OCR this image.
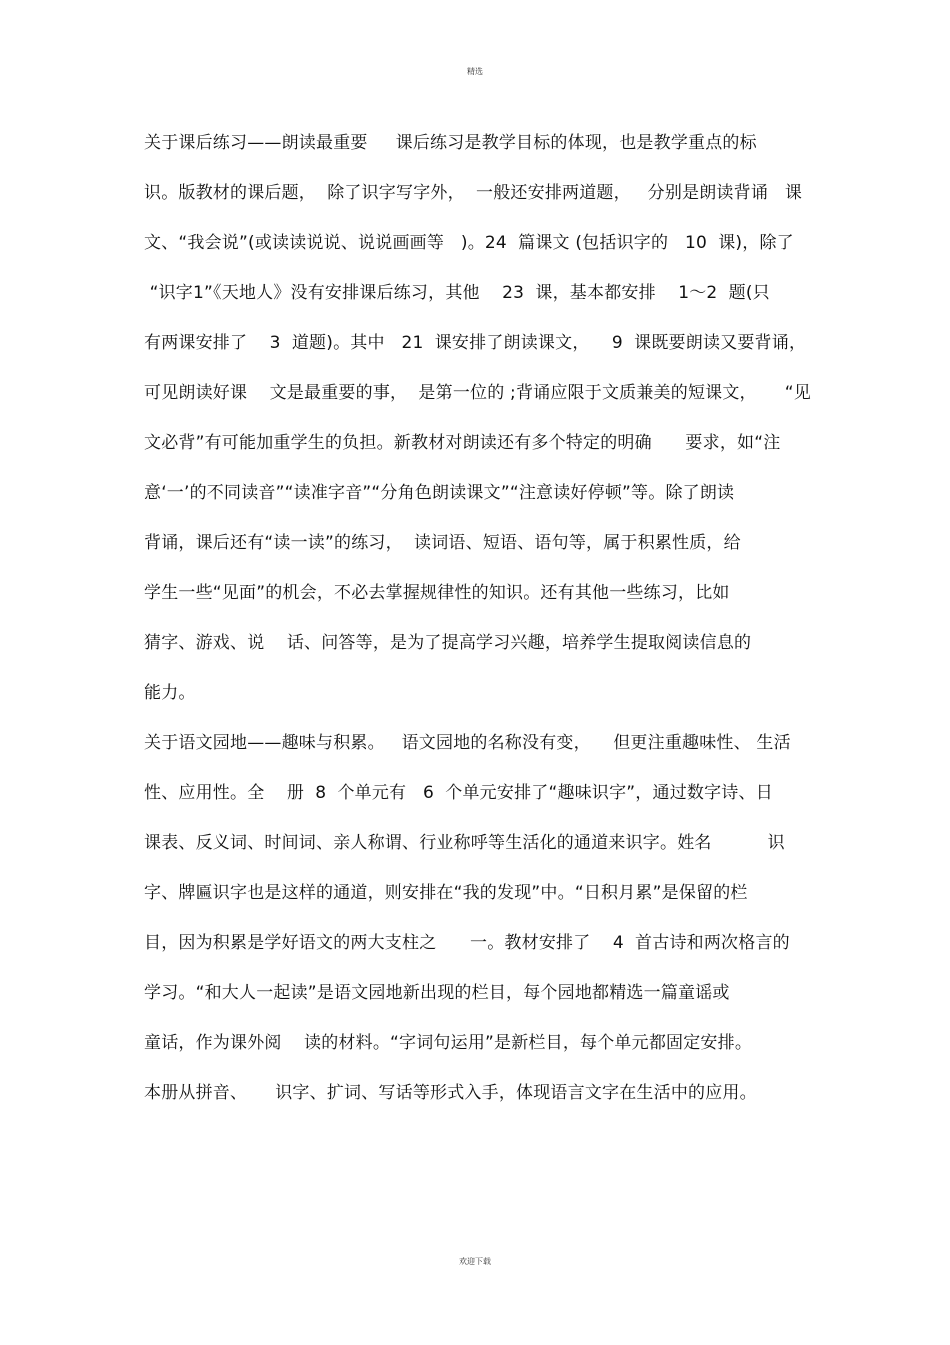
精选
关于课后练习——朗读最重要     课后练习是教学目标的体现，也是教学重点的标
识。版教材的课后题，  除了识字写字外，  一般还安排两道题，   分别是朗读背诵   课
文、“我会说”(或读读说说、说说画画等   )。24  篇课文 (包括识字的   10  课)，除了
“识字1”《天地人》没有安排课后练习，其他    23  课，基本都安排    1～2  题(只
有两课安排了    3  道题)。其中   21  课安排了朗读课文，    9  课既要朗读又要背诵，
可见朗读好课    文是最重要的事，  是第一位的 ;背诵应限于文质兼美的短课文，     “见
文必背”有可能加重学生的负担。新教材对朗读还有多个特定的明确      要求，如“注
意‘一’的不同读音”“读准字音”“分角色朗读课文”“注意读好停顿”等。除了朗读
背诵，课后还有“读一读”的练习，  读词语、短语、语句等，属于积累性质，给
学生一些“见面”的机会，不必去掌握规律性的知识。还有其他一些练习，比如
猜字、游戏、说    话、问答等，是为了提高学习兴趣，培养学生提取阅读信息的
能力。
关于语文园地——趣味与积累。   语文园地的名称没有变，    但更注重趣味性、 生活
性、应用性。全    册  8  个单元有   6  个单元安排了“趣味识字”，通过数字诗、日
课表、反义词、时间词、亲人称谓、行业称呼等生活化的通道来识字。姓名          识
字、牌匾识字也是这样的通道，则安排在“我的发现”中。“日积月累”是保留的栏
目，因为积累是学好语文的两大支柱之      一。教材安排了    4  首古诗和两次格言的
学习。“和大人一起读”是语文园地新出现的栏目，每个园地都精选一篇童谣或
童话，作为课外阅    读的材料。“字词句运用”是新栏目，每个单元都固定安排。
本册从拼音、     识字、扩词、写话等形式入手，体现语言文字在生活中的应用。
欢迎下载
